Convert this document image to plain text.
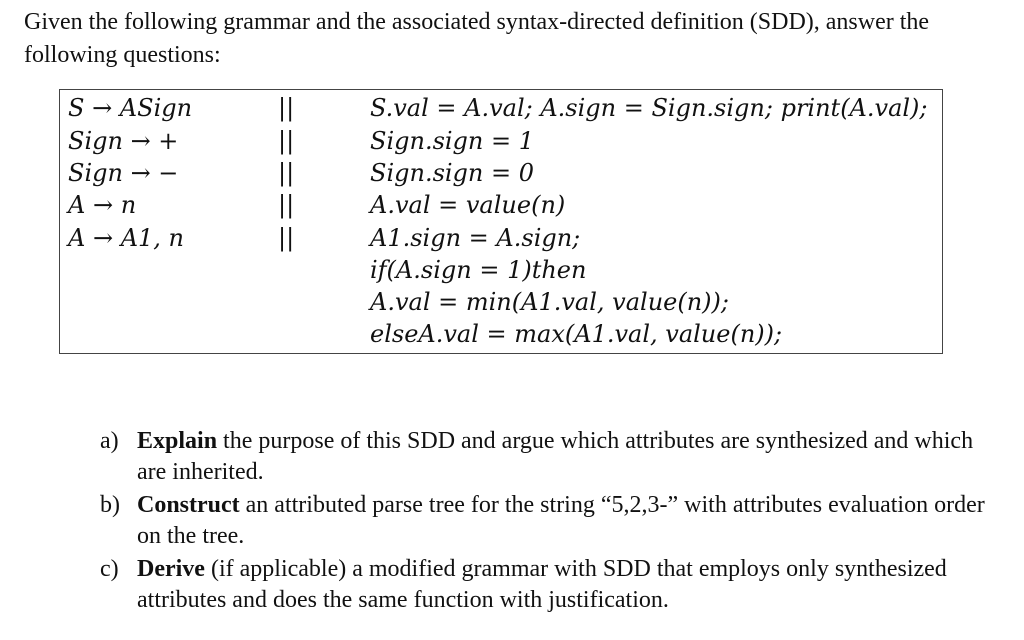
Given the following grammar and the associated syntax-directed definition (SDD), answer the following questions:

S → ASign
Sign → +
Sign → −
A → n
A → A1, n
||
||
||
||
||
S.val = A.val; A.sign = Sign.sign; print(A.val);
Sign.sign = 1
Sign.sign = 0
A.val = value(n)
A1.sign = A.sign;
if(A.sign = 1)then
A.val = min(A1.val, value(n));
elseA.val = max(A1.val, value(n));
a) Explain the purpose of this SDD and argue which attributes are synthesized and which are inherited.
b) Construct an attributed parse tree for the string “5,2,3-” with attributes evaluation order on the tree.
c) Derive (if applicable) a modified grammar with SDD that employs only synthesized attributes and does the same function with justification.
